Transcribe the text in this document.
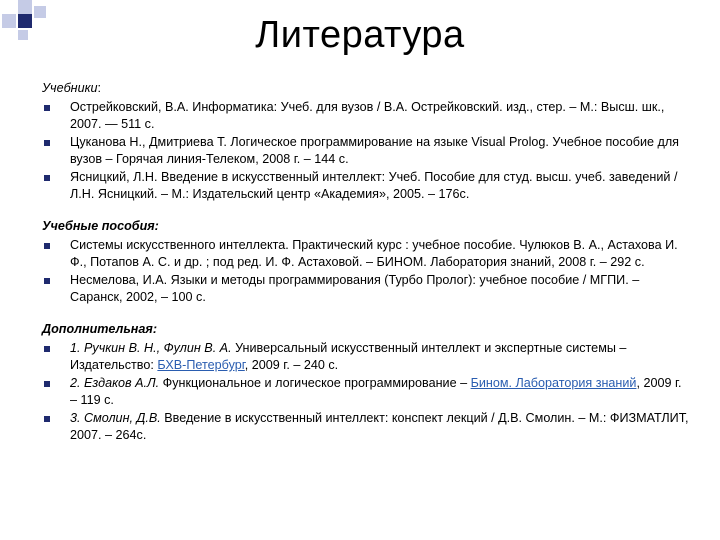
Литература

Учебники:

Острейковский, В.А. Информатика: Учеб. для вузов / В.А. Острейковский. изд., стер. – М.: Высш. шк., 2007. — 511 с.
Цуканова Н., Дмитриева Т. Логическое программирование на языке Visual Prolog. Учебное пособие для вузов – Горячая линия-Телеком, 2008 г. – 144 с.
Ясницкий, Л.Н. Введение в искусственный интеллект: Учеб. Пособие для студ. высш. учеб. заведений / Л.Н. Ясницкий. – М.: Издательский центр «Академия», 2005. – 176с.

Учебные пособия:

Системы искусственного интеллекта. Практический курс : учебное пособие. Чулюков В. А., Астахова И. Ф., Потапов А. С. и др. ; под ред. И. Ф. Астаховой. – БИНОМ. Лаборатория знаний, 2008 г. – 292 с.
Несмелова, И.А. Языки и методы программирования (Турбо Пролог): учебное пособие / МГПИ. – Саранск, 2002, – 100 с.

Дополнительная:

1. Ручкин В. Н., Фулин В. А. Универсальный искусственный интеллект и экспертные системы – Издательство: БХВ-Петербург, 2009 г. – 240 с.
2. Ездаков А.Л. Функциональное и логическое программирование – Бином. Лаборатория знаний, 2009 г. – 119 с.
3. Смолин, Д.В. Введение в искусственный интеллект: конспект лекций / Д.В. Смолин. – М.: ФИЗМАТЛИТ, 2007. – 264с.
